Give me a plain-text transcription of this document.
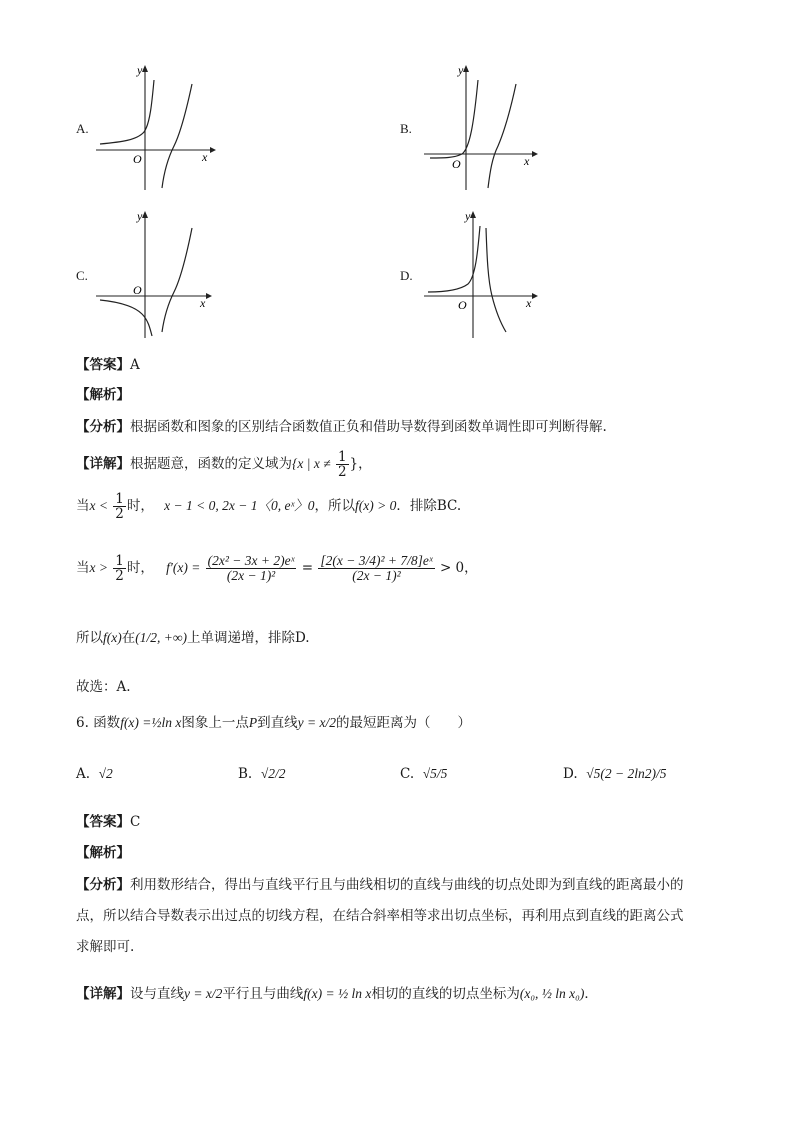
A.
y
x
O
B.
y
x
O
C.
y
x
O
D.
y
x
O
【答案】A
【解析】
【分析】根据函数和图象的区别结合函数值正负和借助导数得到函数单调性即可判断得解.
【详解】根据题意，函数的定义域为{x | $x \ne \frac{1}{2}$ }，
当$x < \frac{1}{2}$ 时， x − 1 < 0, 2x − 1〈0, eˣ〉0，所以f(x) > 0．排除BC.
当$x > \frac{1}{2}$ 时， $f'(x) = \frac{\text{(2x² − 3x + 2)eˣ}}{\text{(2x − 1)²}} = \frac{\text{[2(x − 3/4)² + 7/8]eˣ}}{\text{(2x − 1)²}} > 0$，
所以f(x)在(1/2, +∞)上单调递增，排除D.
故选：A.
6. 函数f(x) =½ln x图象上一点P到直线y = x/2的最短距离为（　　）
A. √2	B. √2/2	C. √5/5	D. √5(2 − 2ln2)/5
【答案】C
【解析】
【分析】利用数形结合，得出与直线平行且与曲线相切的直线与曲线的切点处即为到直线的距离最小的
点，所以结合导数表示出过点的切线方程，在结合斜率相等求出切点坐标，再利用点到直线的距离公式
求解即可.
【详解】设与直线y = x/2平行且与曲线f(x) = ½ ln x相切的直线的切点坐标为(x₀, ½ ln x₀)．
